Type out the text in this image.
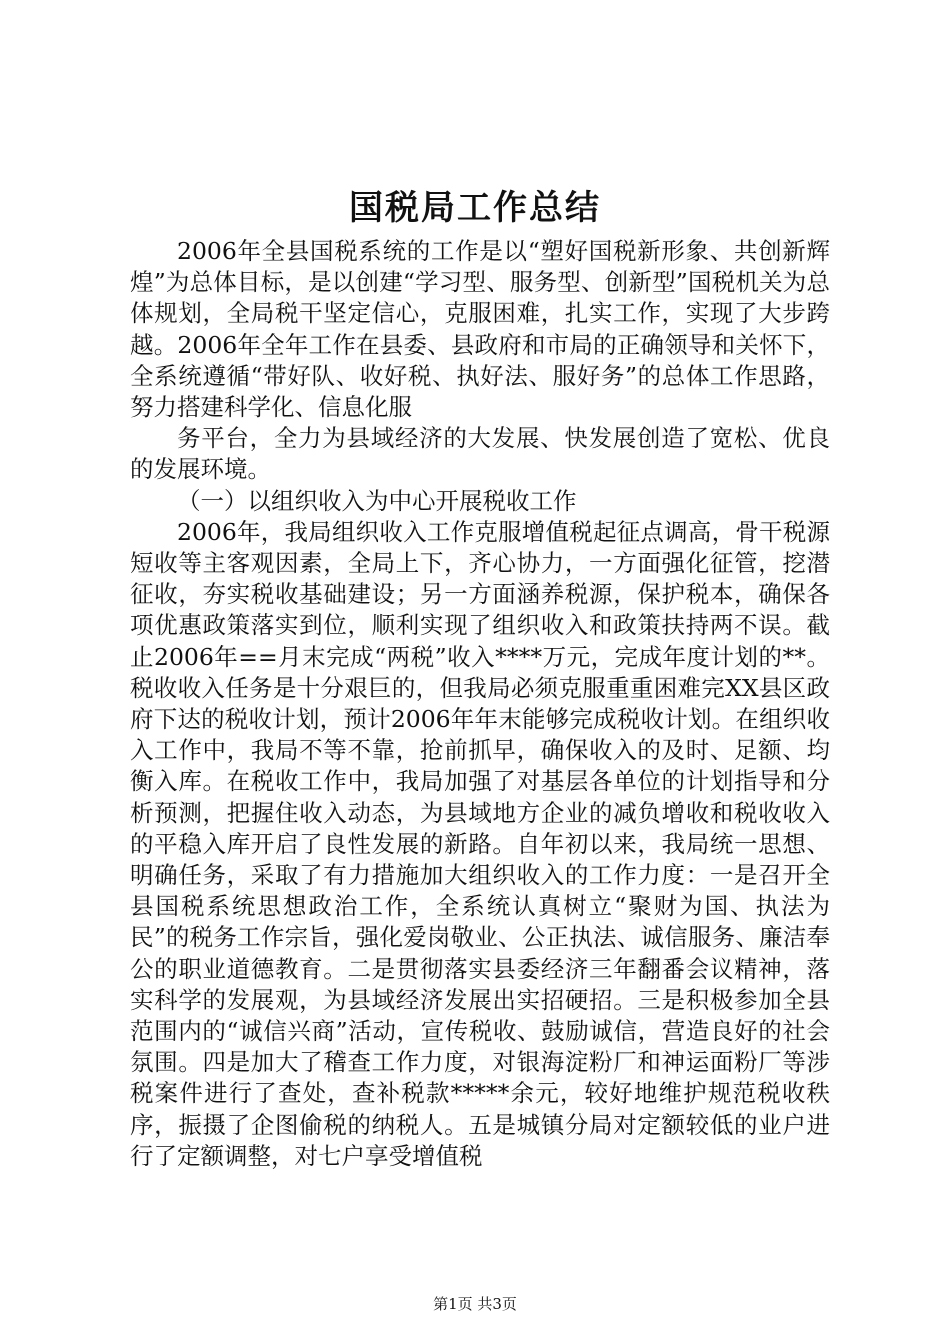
国税局工作总结

2006年全县国税系统的工作是以“塑好国税新形象、共创新辉煌”为总体目标，是以创建“学习型、服务型、创新型”国税机关为总体规划，全局税干坚定信心，克服困难，扎实工作，实现了大步跨越。2006年全年工作在县委、县政府和市局的正确领导和关怀下，全系统遵循“带好队、收好税、执好法、服好务”的总体工作思路，努力搭建科学化、信息化服

务平台，全力为县域经济的大发展、快发展创造了宽松、优良的发展环境。

（一）以组织收入为中心开展税收工作

2006年，我局组织收入工作克服增值税起征点调高，骨干税源短收等主客观因素，全局上下，齐心协力，一方面强化征管，挖潜征收，夯实税收基础建设；另一方面涵养税源，保护税本，确保各项优惠政策落实到位，顺利实现了组织收入和政策扶持两不误。截止2006年==月末完成“两税”收入****万元，完成年度计划的**。税收收入任务是十分艰巨的，但我局必须克服重重困难完XX县区政府下达的税收计划，预计2006年年末能够完成税收计划。在组织收入工作中，我局不等不靠，抢前抓早，确保收入的及时、足额、均衡入库。在税收工作中，我局加强了对基层各单位的计划指导和分析预测，把握住收入动态，为县域地方企业的减负增收和税收收入的平稳入库开启了良性发展的新路。自年初以来，我局统一思想、明确任务，采取了有力措施加大组织收入的工作力度：一是召开全县国税系统思想政治工作，全系统认真树立“聚财为国、执法为民”的税务工作宗旨，强化爱岗敬业、公正执法、诚信服务、廉洁奉公的职业道德教育。二是贯彻落实县委经济三年翻番会议精神，落实科学的发展观，为县域经济发展出实招硬招。三是积极参加全县范围内的“诚信兴商”活动，宣传税收、鼓励诚信，营造良好的社会氛围。四是加大了稽查工作力度，对银海淀粉厂和神运面粉厂等涉税案件进行了查处，查补税款*****余元，较好地维护规范税收秩序，振摄了企图偷税的纳税人。五是城镇分局对定额较低的业户进行了定额调整，对七户享受增值税

第1页 共3页
